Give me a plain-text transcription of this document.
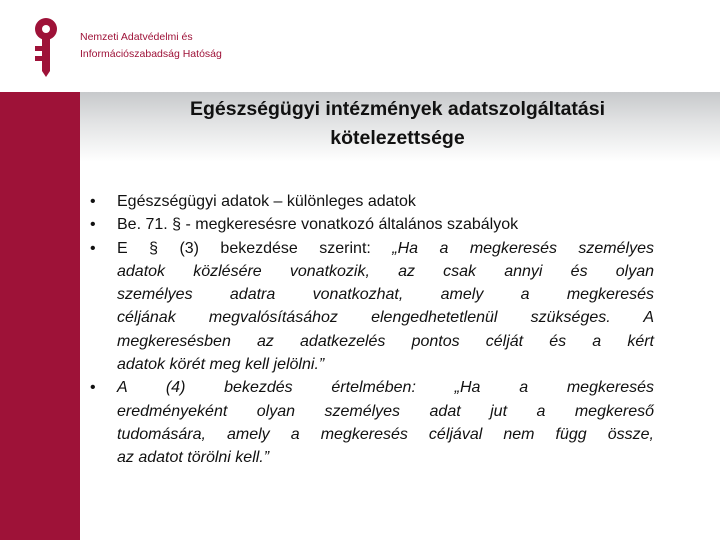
Nemzeti Adatvédelmi és
Információszabadság Hatóság
Egészségügyi intézmények adatszolgáltatási
kötelezettsége
•	Egészségügyi adatok – különleges adatok
•	Be. 71. § - megkeresésre vonatkozó általános szabályok
•	E § (3) bekezdése szerint: „Ha a megkeresés személyes
adatok közlésére vonatkozik, az csak annyi és olyan
személyes adatra vonatkozhat, amely a megkeresés
céljának megvalósításához elengedhetetlenül szükséges. A
megkeresésben az adatkezelés pontos célját és a kért
adatok körét meg kell jelölni.”
•	A (4) bekezdés értelmében: „Ha a megkeresés
eredményeként olyan személyes adat jut a megkereső
tudomására, amely a megkeresés céljával nem függ össze,
az adatot törölni kell.”
